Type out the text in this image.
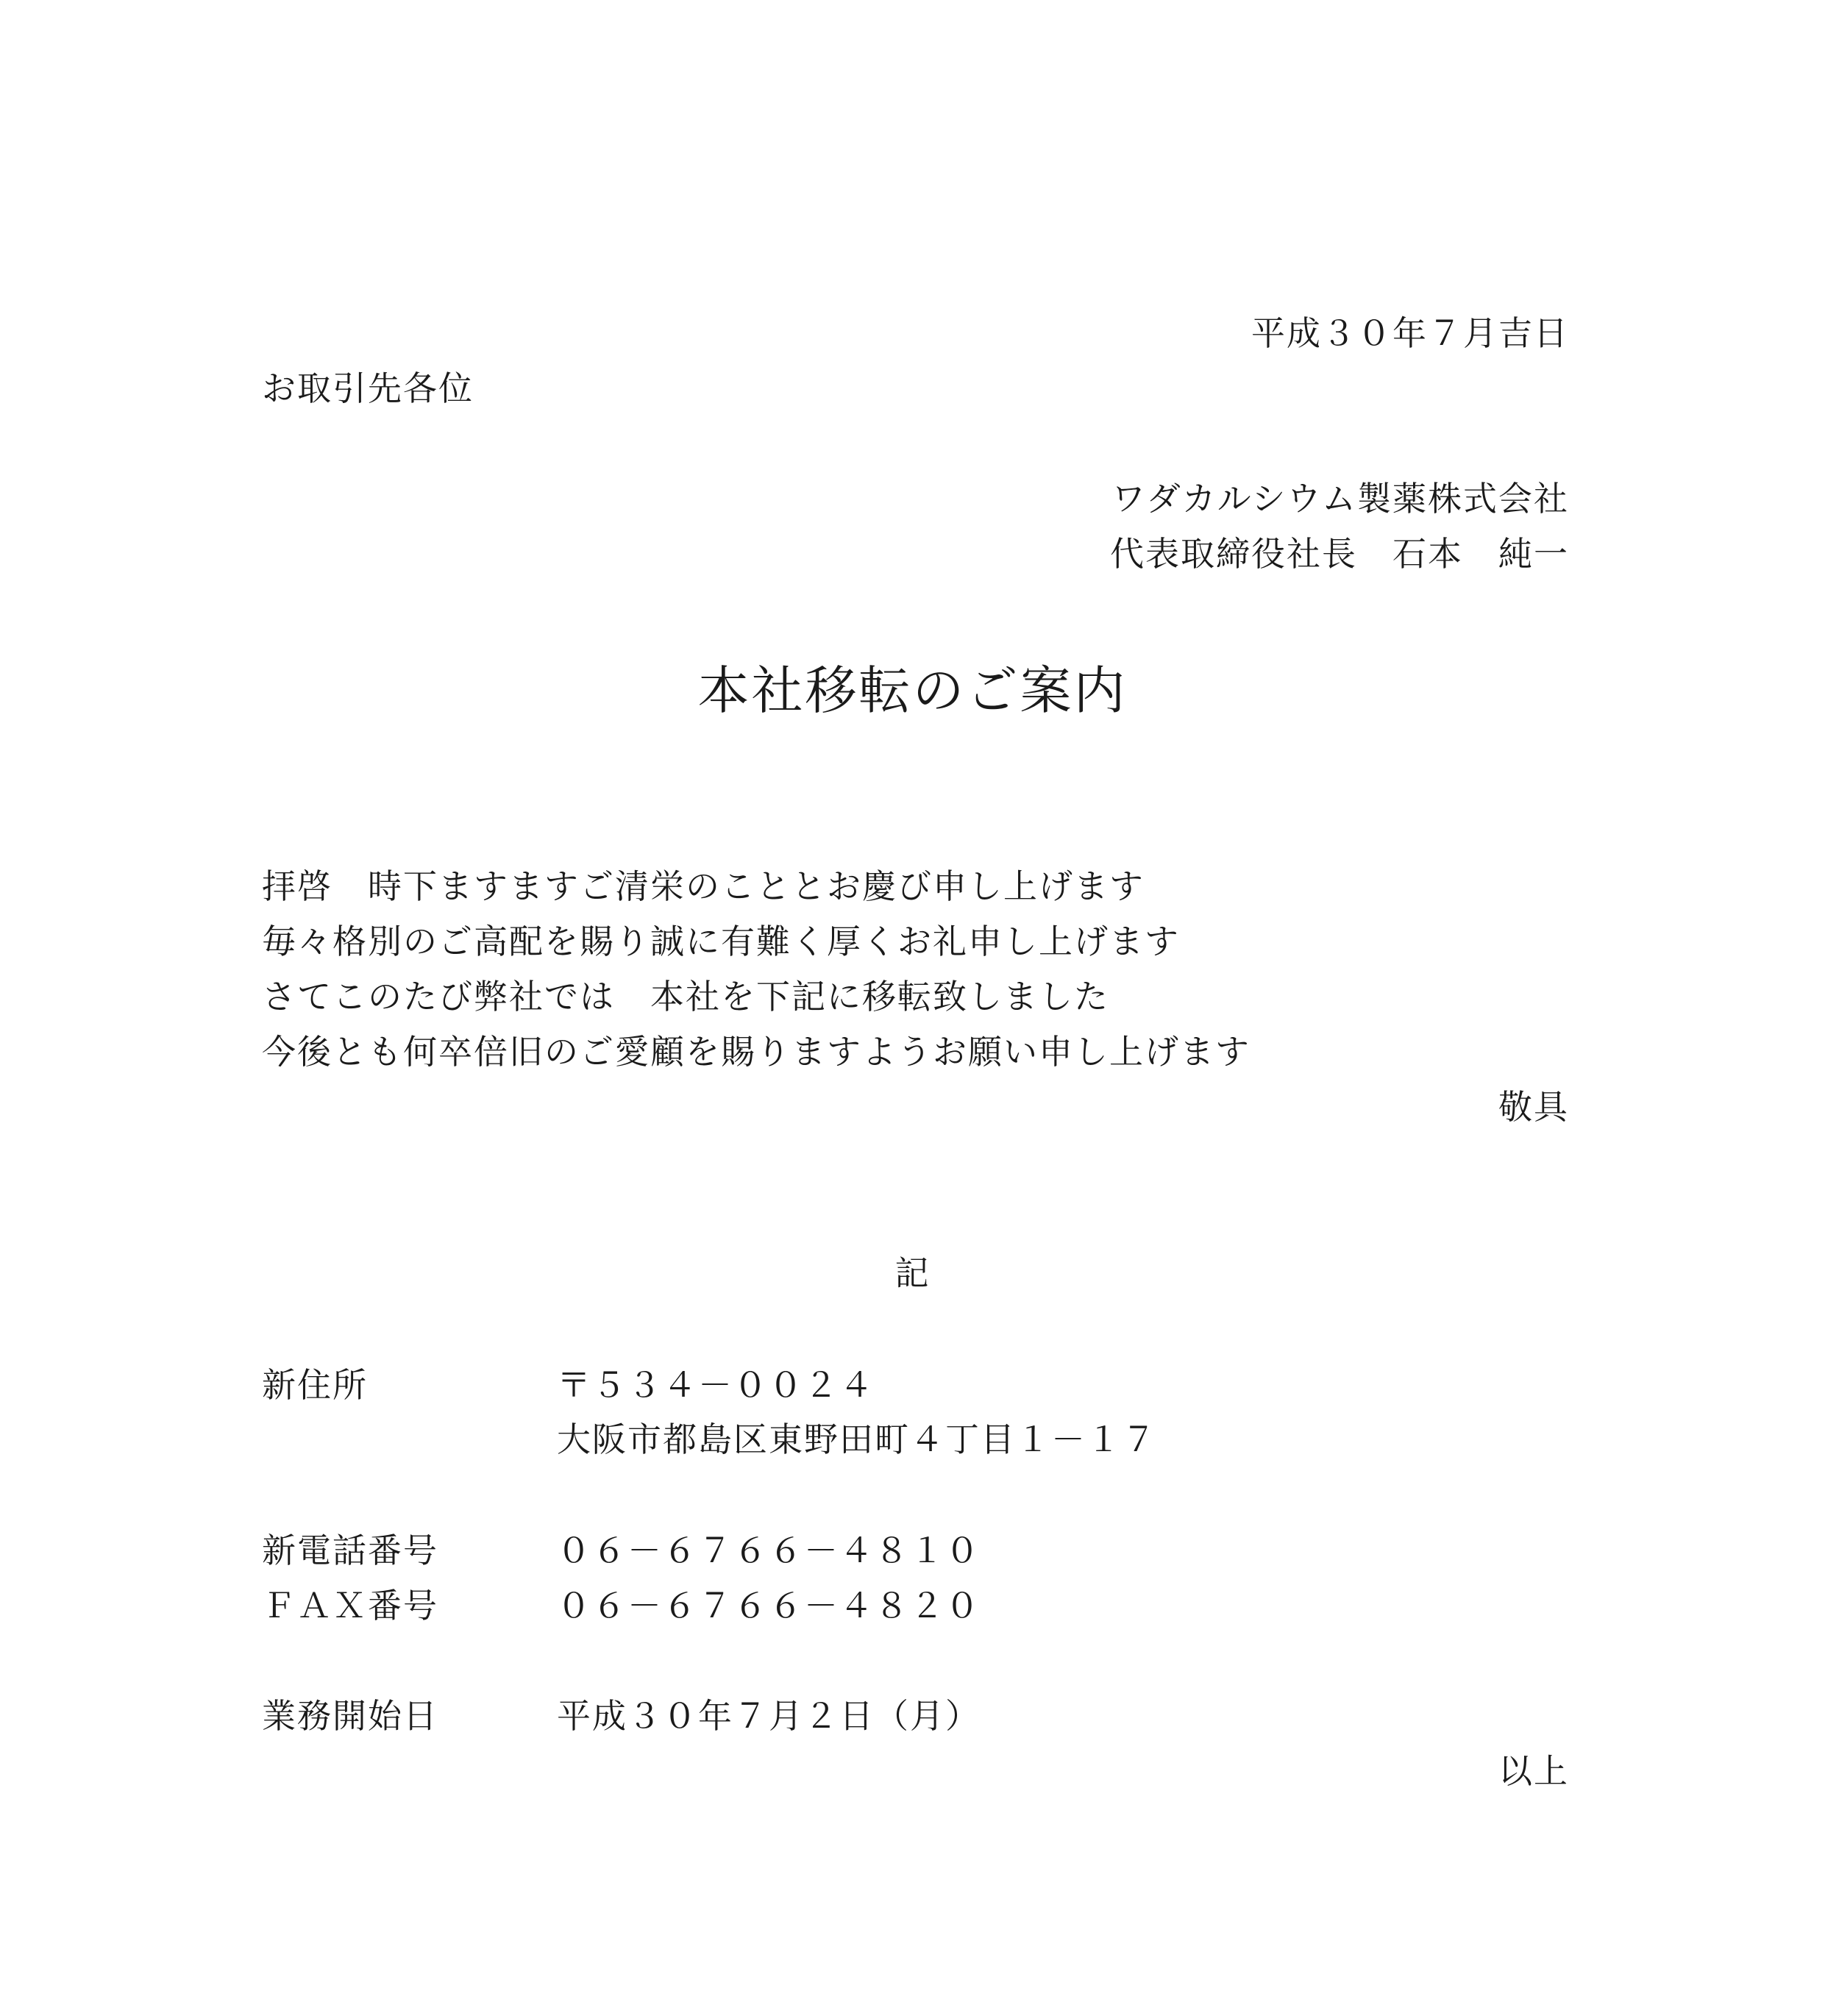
平成３０年７月吉日
お取引先各位
ワダカルシウム製薬株式会社
代表取締役社長　石本　純一
本社移転のご案内
拝啓　時下ますますご清栄のこととお慶び申し上げます
毎々格別のご高配を賜り誠に有難く厚くお礼申し上げます
さてこのたび弊社では　本社を下記に移転致しました
今後とも何卒倍旧のご愛顧を賜りますようお願い申し上げます
敬具
記
新住所	〒５３４－００２４
大阪市都島区東野田町４丁目１－１７
新電話番号	０６－６７６６－４８１０
ＦＡＸ番号	０６－６７６６－４８２０
業務開始日	平成３０年７月２日（月）
以上
